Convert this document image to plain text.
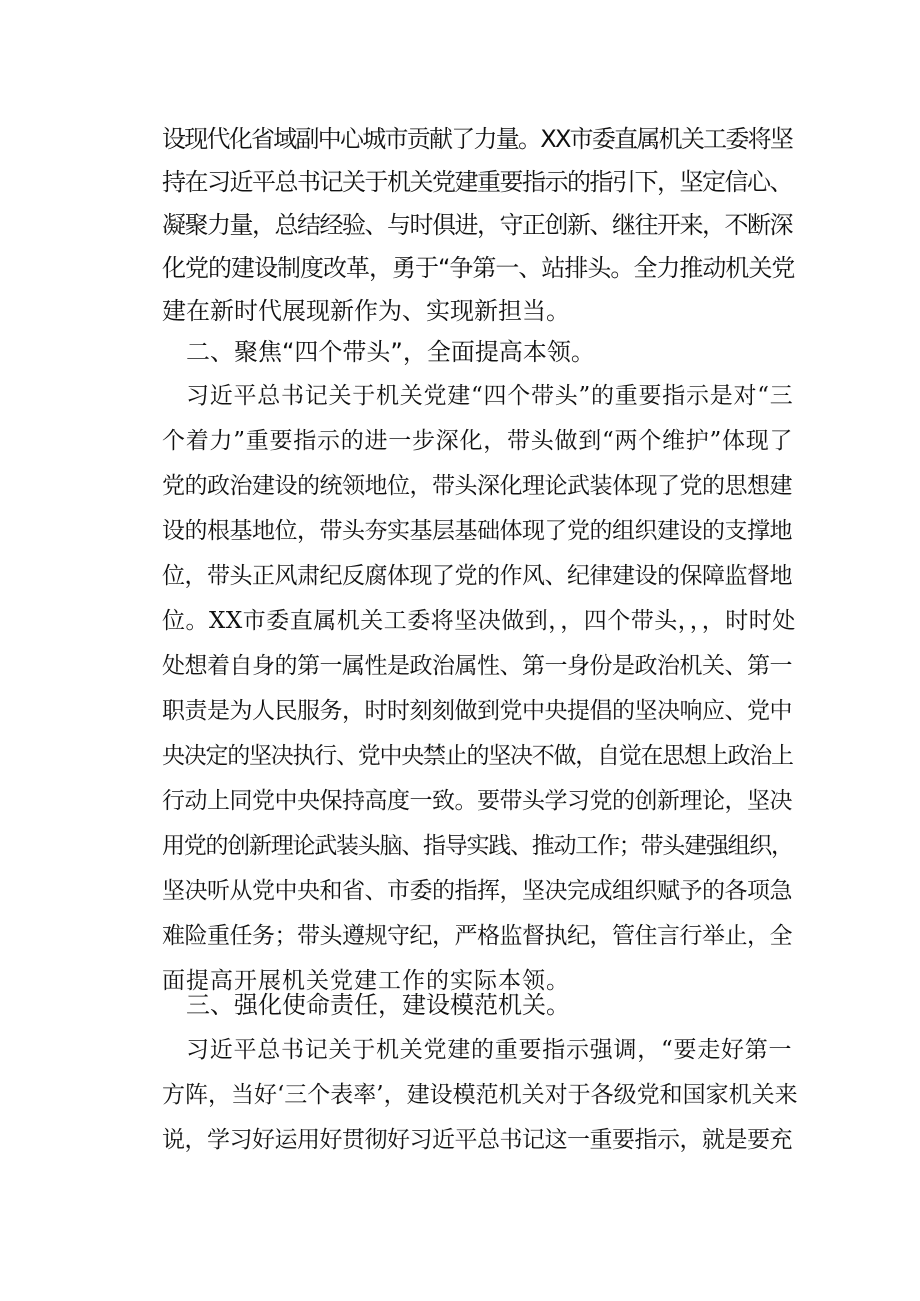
设现代化省域副中心城市贡献了力量。XX市委直属机关工委将坚
持在习近平总书记关于机关党建重要指示的指引下，坚定信心、
凝聚力量，总结经验、与时俱进，守正创新、继往开来，不断深
化党的建设制度改革，勇于“争第一、站排头。全力推动机关党
建在新时代展现新作为、实现新担当。
二、聚焦“四个带头”，全面提高本领。
习近平总书记关于机关党建“四个带头”的重要指示是对“三
个着力”重要指示的进一步深化，带头做到“两个维护”体现了
党的政治建设的统领地位，带头深化理论武装体现了党的思想建
设的根基地位，带头夯实基层基础体现了党的组织建设的支撑地
位，带头正风肃纪反腐体现了党的作风、纪律建设的保障监督地
位。XX市委直属机关工委将坚决做到，，四个带头，，，时时处
处想着自身的第一属性是政治属性、第一身份是政治机关、第一
职责是为人民服务，时时刻刻做到党中央提倡的坚决响应、党中
央决定的坚决执行、党中央禁止的坚决不做，自觉在思想上政治上
行动上同党中央保持高度一致。要带头学习党的创新理论，坚决
用党的创新理论武装头脑、指导实践、推动工作；带头建强组织，
坚决听从党中央和省、市委的指挥，坚决完成组织赋予的各项急
难险重任务；带头遵规守纪，严格监督执纪，管住言行举止，全
面提高开展机关党建工作的实际本领。
三、强化使命责任，建设模范机关。
习近平总书记关于机关党建的重要指示强调，“要走好第一
方阵，当好‘三个表率’，建设模范机关对于各级党和国家机关来
说，学习好运用好贯彻好习近平总书记这一重要指示，就是要充
